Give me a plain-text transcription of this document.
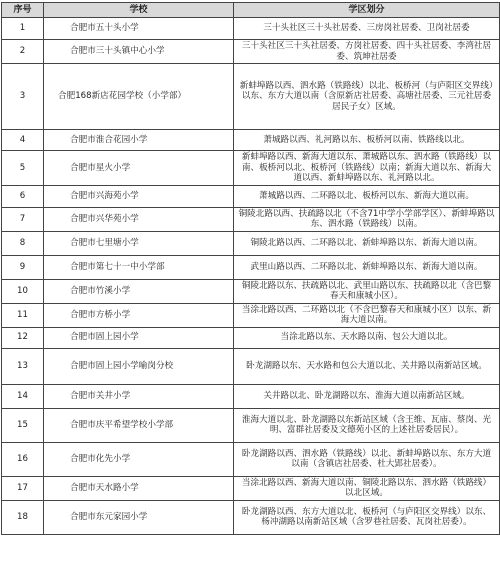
序号	学校	学区划分
1	合肥市五十头小学	三十头社区三十头社居委、三房岗社居委、卫岗社居委
2	合肥市三十头镇中心小学	三十头社区三十头社居委、方岗社居委、四十头社居委、李湾社居委、筑坤社居委
3	合肥168新店花园学校（小学部）	新蚌埠路以西、泗水路（铁路线）以北、板桥河（与庐阳区交界线）以东、东方大道以南（含原新店社居委、高塘社居委、三元社居委居民子女）区域。
4	合肥市淮合花园小学	萧城路以西、礼河路以东、板桥河以南、铁路线以北。
5	合肥市星火小学	新蚌埠路以西、新海大道以东、萧城路以东、泗水路（铁路线）以南、板桥河以北、板桥河（铁路线）以南；新海大道以东、新海大道以西、新蚌埠路以东、礼河路以北。
6	合肥市兴海苑小学	萧城路以西、二环路以北、板桥河以东、新海大道以南。
7	合肥市兴华苑小学	铜陵北路以西、扶疏路以北（不含71中学小学部学区）、新蚌埠路以东、泗水路（铁路线）以南。
8	合肥市七里塘小学	铜陵北路以西、二环路以北、新蚌埠路以东、新海大道以南。
9	合肥市第七十一中小学部	武里山路以西、二环路以北、新蚌埠路以东、新海大道以南。
10	合肥市竹溪小学	铜陵北路以东、扶疏路以北、武里山路以东、扶疏路以北（含巴黎春天和康城小区）。
11	合肥市方桥小学	当涂北路以西、二环路以北（不含巴黎春天和康城小区）以东、新海大道以南。
12	合肥市固上园小学	当涂北路以东、天水路以南、包公大道以北。
13	合肥市固上园小学喻岗分校	卧龙湖路以东、天水路和包公大道以北、关井路以南新站区域。
14	合肥市关井小学	关井路以北、卧龙湖路以东、淮海大道以南新站区域。
15	合肥市庆平希望学校小学部	淮海大道以北、卧龙湖路以东新站区域（含王维、瓦庙、蔡岗、光明、富群社居委及文德苑小区的上述社居委居民）。
16	合肥市化先小学	卧龙湖路以西、泗水路（铁路线）以北、新蚌埠路以东、东方大道以南（含镇店社居委、杜大郢社居委）。
17	合肥市天水路小学	当涂北路以西、新海大道以南、铜陵北路以东、泗水路（铁路线）以北区域。
18	合肥市东元家园小学	卧龙湖路以西、东方大道以北、板桥河（与庐阳区交界线）以东、杨冲湖路以南新站区域（含罗巷社居委、瓦岗社居委）。
